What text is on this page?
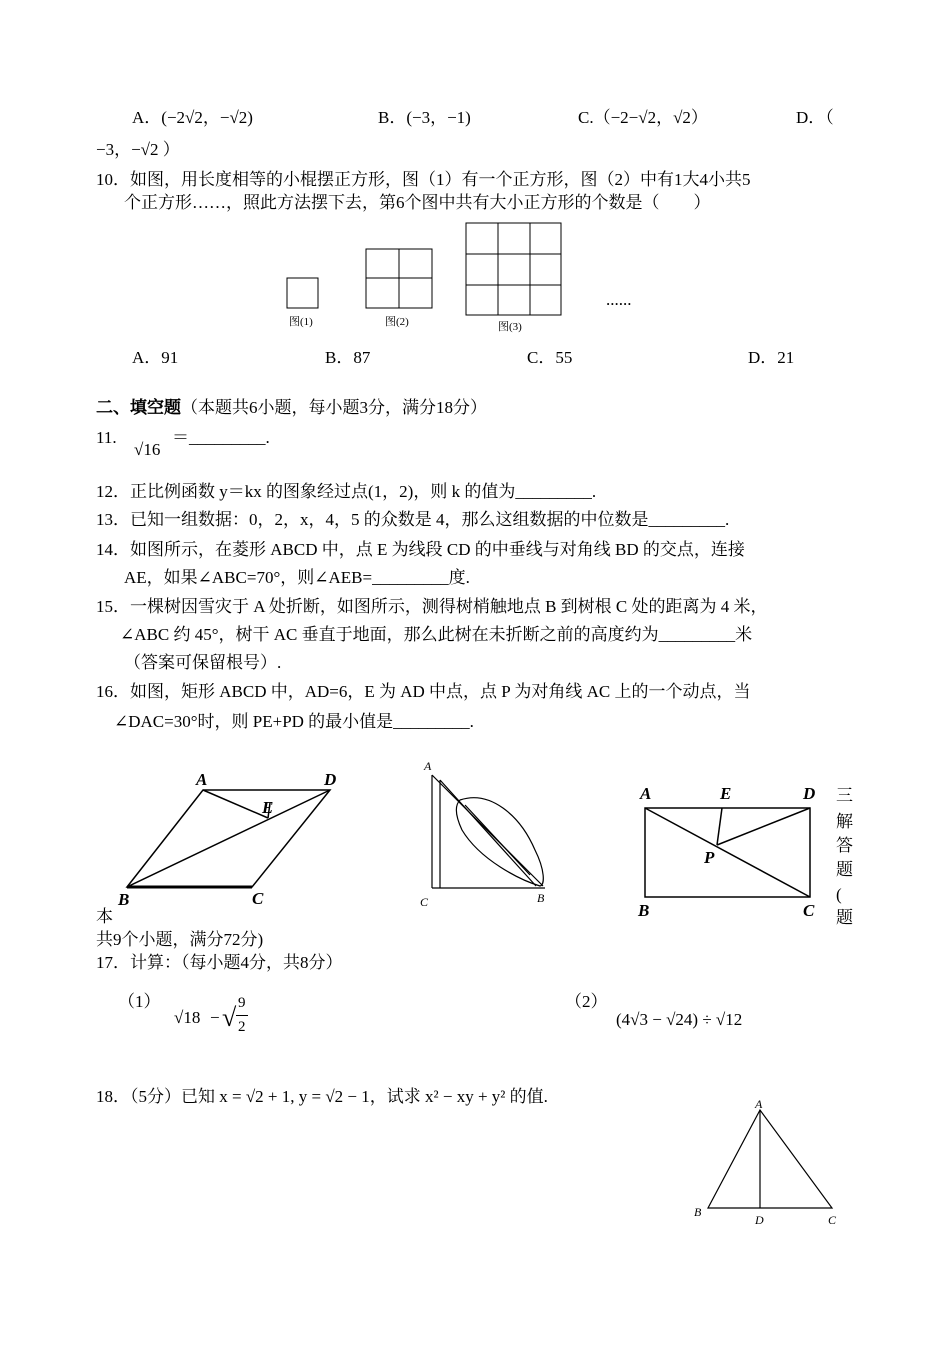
A．(−2√2，−√2)	B．(−3，−1)	C.（−2−√2，√2）	D．（
−3，−√2 ）
10．如图，用长度相等的小棍摆正方形，图（1）有一个正方形，图（2）中有1大4小共5
个正方形……，照此方法摆下去，第6个图中共有大小正方形的个数是（　　）
图(1)	图(2)	图(3)
......
A．91	B．87	C．55	D．21
二、填空题（本题共6小题，每小题3分，满分18分）
11.
√16
＝_________.
12．正比例函数 y＝kx 的图象经过点(1，2)，则 k 的值为_________.
13．已知一组数据：0，2，x，4，5 的众数是 4，那么这组数据的中位数是_________.
14．如图所示，在菱形 ABCD 中，点 E 为线段 CD 的中垂线与对角线 BD 的交点，连接
AE，如果∠ABC=70°，则∠AEB=_________度.
15．一棵树因雪灾于 A 处折断，如图所示，测得树梢触地点 B 到树根 C 处的距离为 4 米，
∠ABC 约 45°，树干 AC 垂直于地面，那么此树在未折断之前的高度约为_________米
（答案可保留根号）.
16．如图，矩形 ABCD 中，AD=6，E 为 AD 中点，点 P 为对角线 AC 上的一个动点，当
∠DAC=30°时，则 PE+PD 的最小值是_________.
A	D
E
B	C
A
C	B
A	E	D
P
B	C
三
解
答
题
(
题
本
共9个小题，满分72分)
17．计算：（每小题4分，共8分）
（1）
√18 − √ 9
2
（2）
(4√3 − √24) ÷ √12
18．（5分）已知 x = √2 + 1, y = √2 − 1，试求 x² − xy + y² 的值.	A
B
D	C
